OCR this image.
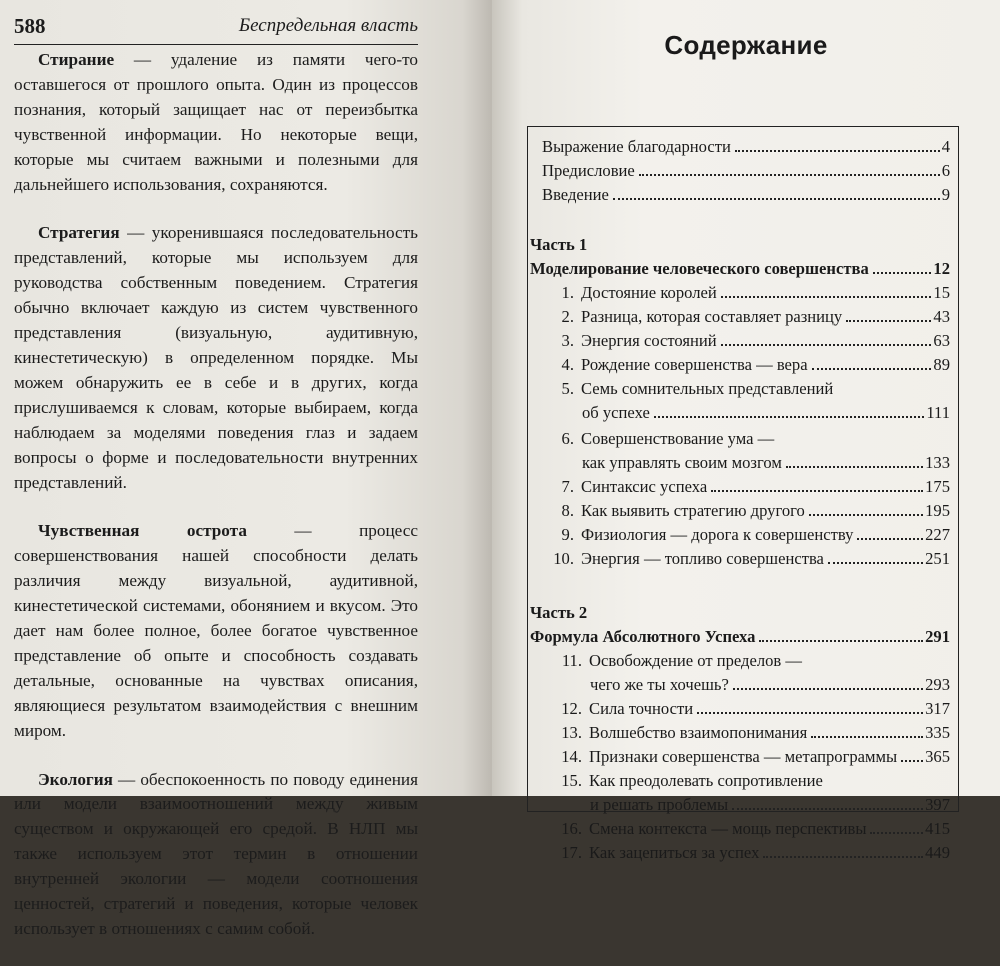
588	Беспредельная власть

Стирание — удаление из памяти чего-то оставшегося от прошлого опыта. Один из процессов познания, который защищает нас от переизбытка чувственной информации. Но некоторые вещи, которые мы считаем важными и полезными для дальнейшего использования, сохраняются.

Стратегия — укоренившаяся последовательность представлений, которые мы используем для руководства собственным поведением. Стратегия обычно включает каждую из систем чувственного представления (визуальную, аудитивную, кинестетическую) в определенном порядке. Мы можем обнаружить ее в себе и в других, когда прислушиваемся к словам, которые выбираем, когда наблюдаем за моделями поведения глаз и задаем вопросы о форме и последовательности внутренних представлений.

Чувственная острота — процесс совершенствования нашей способности делать различия между визуальной, аудитивной, кинестетической системами, обонянием и вкусом. Это дает нам более полное, более богатое чувственное представление об опыте и способность создавать детальные, основанные на чувствах описания, являющиеся результатом взаимодействия с внешним миром.

Экология — обеспокоенность по поводу единения или модели взаимоотношений между живым существом и окружающей его средой. В НЛП мы также используем этот термин в отношении внутренней экологии — модели соотношения ценностей, стратегий и поведения, которые человек использует в отношениях с самим собой.

Содержание
Выражение благодарности	4
Предисловие	6
Введение	9
Часть 1
Моделирование человеческого совершенства	12
1. Достояние королей	15
2. Разница, которая составляет разницу	43
3. Энергия состояний	63
4. Рождение совершенства — вера	89
5. Семь сомнительных представлений
об успехе	111
6. Совершенствование ума —
как управлять своим мозгом	133
7. Синтаксис успеха	175
8. Как выявить стратегию другого	195
9. Физиология — дорога к совершенству	227
10. Энергия — топливо совершенства	251
Часть 2
Формула Абсолютного Успеха	291
11. Освобождение от пределов —
чего же ты хочешь?	293
12. Сила точности	317
13. Волшебство взаимопонимания	335
14. Признаки совершенства — метапрограммы 365
15. Как преодолевать сопротивление
и решать проблемы	397
16. Смена контекста — мощь перспективы	415
17. Как зацепиться за успех	449
